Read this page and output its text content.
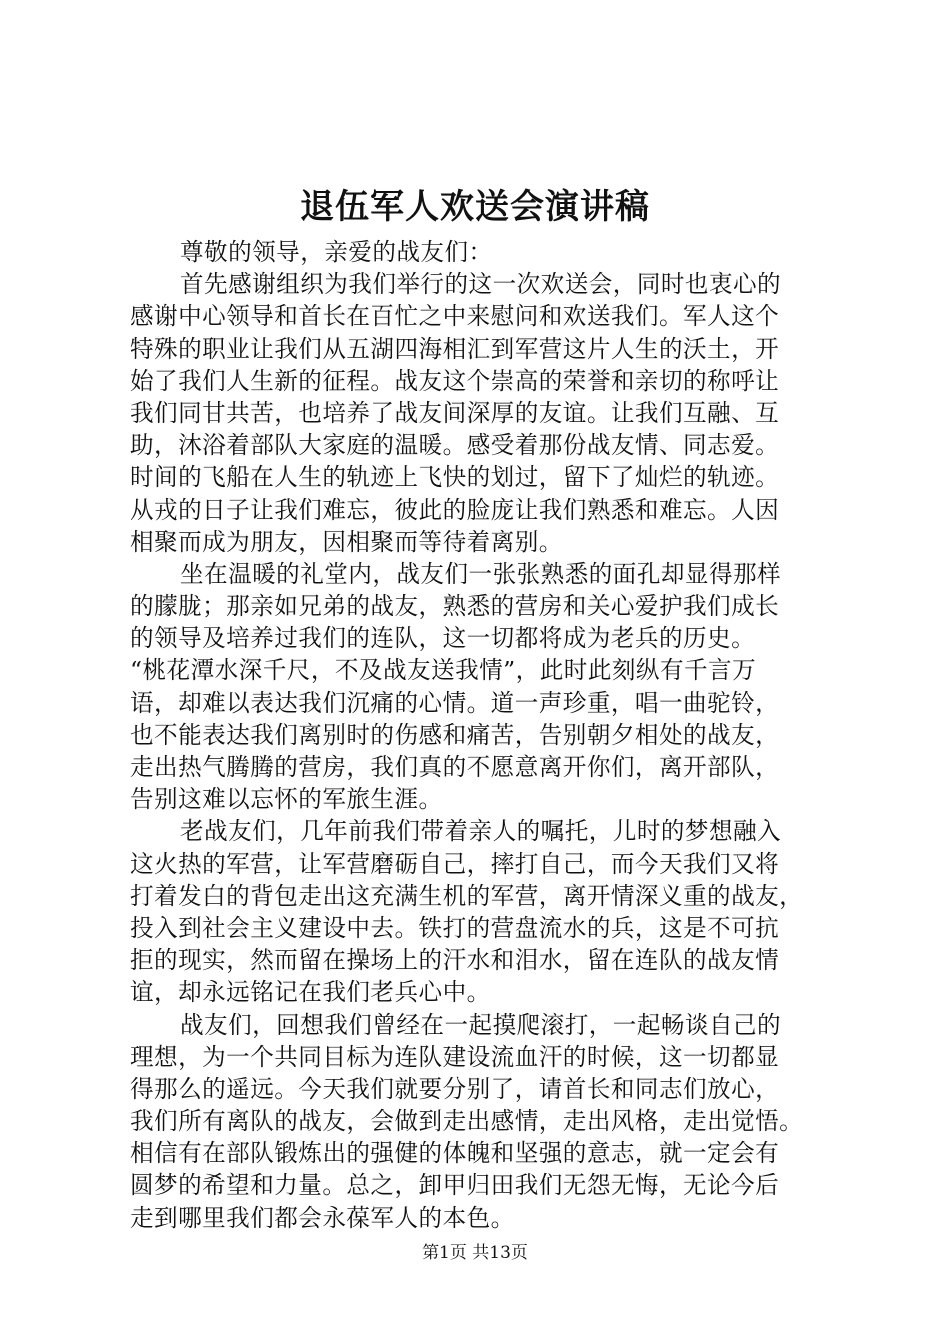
退伍军人欢送会演讲稿
尊敬的领导，亲爱的战友们：
首先感谢组织为我们举行的这一次欢送会，同时也衷心的
感谢中心领导和首长在百忙之中来慰问和欢送我们。军人这个
特殊的职业让我们从五湖四海相汇到军营这片人生的沃土，开
始了我们人生新的征程。战友这个崇高的荣誉和亲切的称呼让
我们同甘共苦，也培养了战友间深厚的友谊。让我们互融、互
助，沐浴着部队大家庭的温暖。感受着那份战友情、同志爱。
时间的飞船在人生的轨迹上飞快的划过，留下了灿烂的轨迹。
从戎的日子让我们难忘，彼此的脸庞让我们熟悉和难忘。人因
相聚而成为朋友，因相聚而等待着离别。
坐在温暖的礼堂内，战友们一张张熟悉的面孔却显得那样
的朦胧；那亲如兄弟的战友，熟悉的营房和关心爱护我们成长
的领导及培养过我们的连队，这一切都将成为老兵的历史。
“桃花潭水深千尺，不及战友送我情”，此时此刻纵有千言万
语，却难以表达我们沉痛的心情。道一声珍重，唱一曲驼铃，
也不能表达我们离别时的伤感和痛苦，告别朝夕相处的战友，
走出热气腾腾的营房，我们真的不愿意离开你们，离开部队，
告别这难以忘怀的军旅生涯。
老战友们，几年前我们带着亲人的嘱托，儿时的梦想融入
这火热的军营，让军营磨砺自己，摔打自己，而今天我们又将
打着发白的背包走出这充满生机的军营，离开情深义重的战友，
投入到社会主义建设中去。铁打的营盘流水的兵，这是不可抗
拒的现实，然而留在操场上的汗水和泪水，留在连队的战友情
谊，却永远铭记在我们老兵心中。
战友们，回想我们曾经在一起摸爬滚打，一起畅谈自己的
理想，为一个共同目标为连队建设流血汗的时候，这一切都显
得那么的遥远。今天我们就要分别了，请首长和同志们放心，
我们所有离队的战友，会做到走出感情，走出风格，走出觉悟。
相信有在部队锻炼出的强健的体魄和坚强的意志，就一定会有
圆梦的希望和力量。总之，卸甲归田我们无怨无悔，无论今后
走到哪里我们都会永葆军人的本色。
第1页 共13页
